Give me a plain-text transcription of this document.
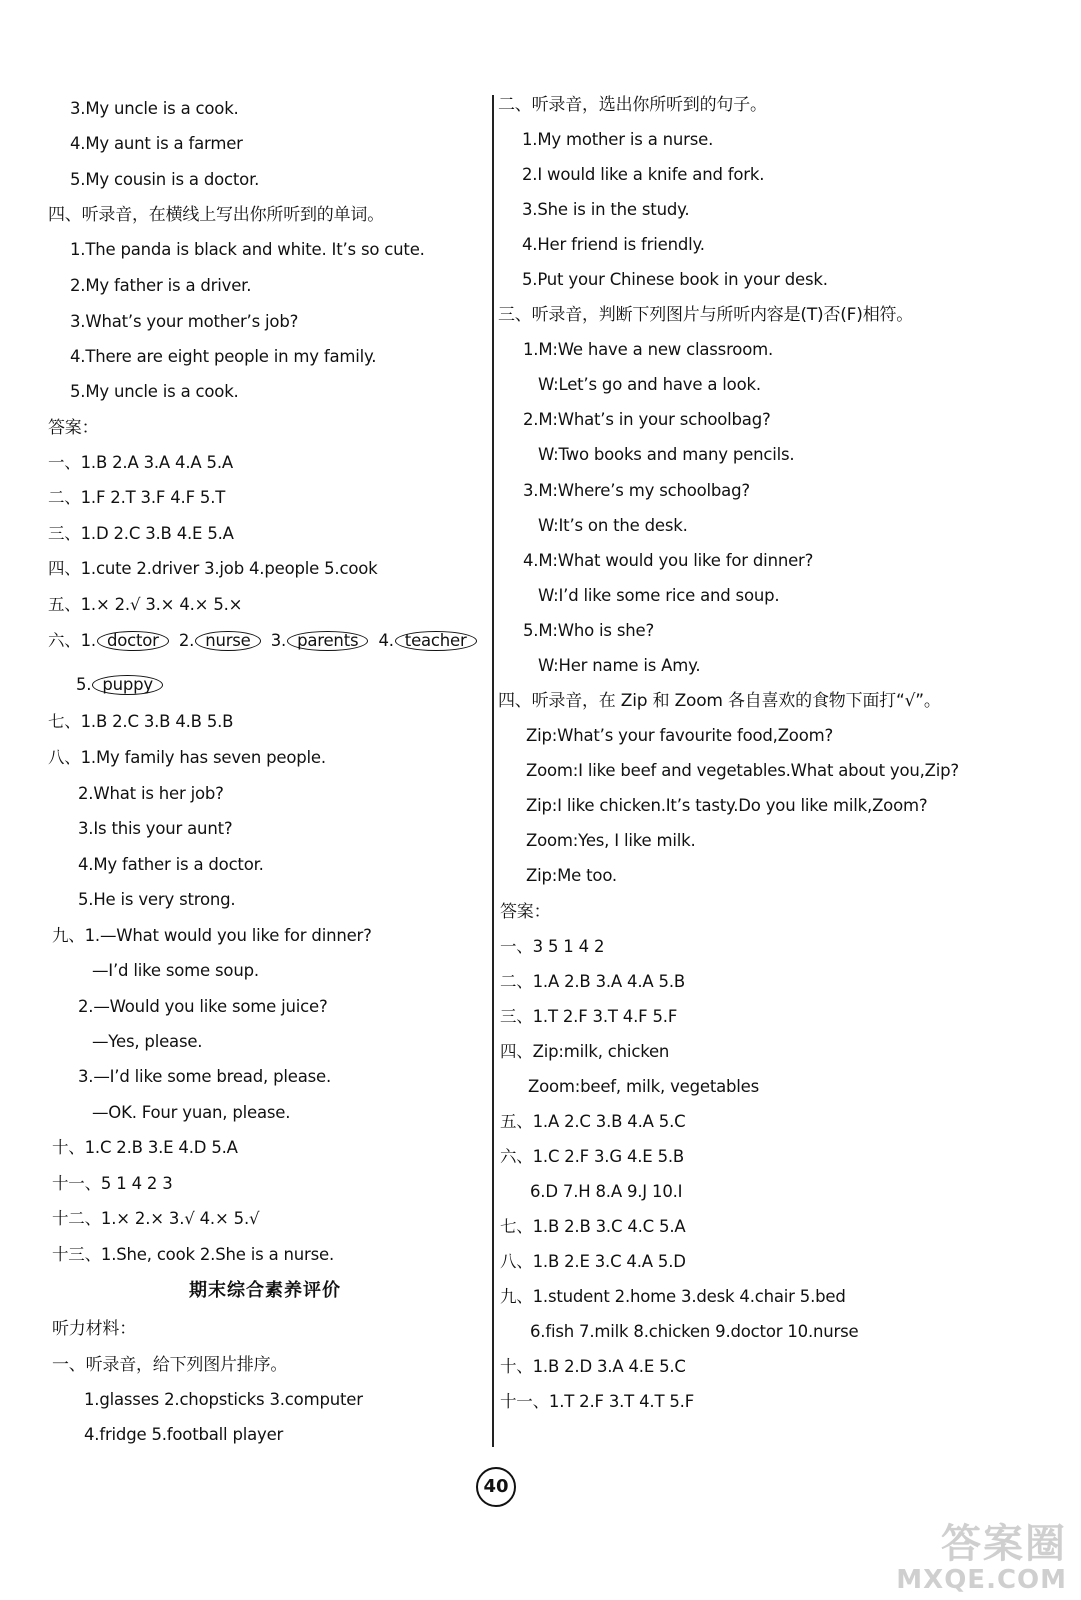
3.My uncle is a cook.
4.My aunt is a farmer
5.My cousin is a doctor.
四、听录音，在横线上写出你所听到的单词。
1.The panda is black and white. It’s so cute.
2.My father is a driver.
3.What’s your mother’s job?
4.There are eight people in my family.
5.My uncle is a cook.
答案：
一、1.B 2.A 3.A 4.A 5.A
二、1.F 2.T 3.F 4.F 5.T
三、1.D 2.C 3.B 4.E 5.A
四、1.cute 2.driver 3.job 4.people 5.cook
五、1.× 2.√ 3.× 4.× 5.×
六、1. doctor 2. nurse 3. parents 4. teacher
5. puppy
七、1.B 2.C 3.B 4.B 5.B
八、1.My family has seven people.
2.What is her job?
3.Is this your aunt?
4.My father is a doctor.
5.He is very strong.
九、1.—What would you like for dinner?
—I’d like some soup.
2.—Would you like some juice?
—Yes, please.
3.—I’d like some bread, please.
—OK. Four yuan, please.
十、1.C 2.B 3.E 4.D 5.A
十一、5 1 4 2 3
十二、1.× 2.× 3.√ 4.× 5.√
十三、1.She, cook 2.She is a nurse.
期末综合素养评价
听力材料：
一、听录音，给下列图片排序。
1.glasses 2.chopsticks 3.computer
4.fridge 5.football player
二、听录音，选出你所听到的句子。
1.My mother is a nurse.
2.I would like a knife and fork.
3.She is in the study.
4.Her friend is friendly.
5.Put your Chinese book in your desk.
三、听录音，判断下列图片与所听内容是(T)否(F)相符。
1.M:We have a new classroom.
W:Let’s go and have a look.
2.M:What’s in your schoolbag?
W:Two books and many pencils.
3.M:Where’s my schoolbag?
W:It’s on the desk.
4.M:What would you like for dinner?
W:I’d like some rice and soup.
5.M:Who is she?
W:Her name is Amy.
四、听录音，在 Zip 和 Zoom 各自喜欢的食物下面打“√”。
Zip:What’s your favourite food,Zoom?
Zoom:I like beef and vegetables.What about you,Zip?
Zip:I like chicken.It’s tasty.Do you like milk,Zoom?
Zoom:Yes, I like milk.
Zip:Me too.
答案：
一、3 5 1 4 2
二、1.A 2.B 3.A 4.A 5.B
三、1.T 2.F 3.T 4.F 5.F
四、Zip:milk, chicken
Zoom:beef, milk, vegetables
五、1.A 2.C 3.B 4.A 5.C
六、1.C 2.F 3.G 4.E 5.B
6.D 7.H 8.A 9.J 10.I
七、1.B 2.B 3.C 4.C 5.A
八、1.B 2.E 3.C 4.A 5.D
九、1.student 2.home 3.desk 4.chair 5.bed
6.fish 7.milk 8.chicken 9.doctor 10.nurse
十、1.B 2.D 3.A 4.E 5.C
十一、1.T 2.F 3.T 4.T 5.F
40
答案圈
MXQE.COM
